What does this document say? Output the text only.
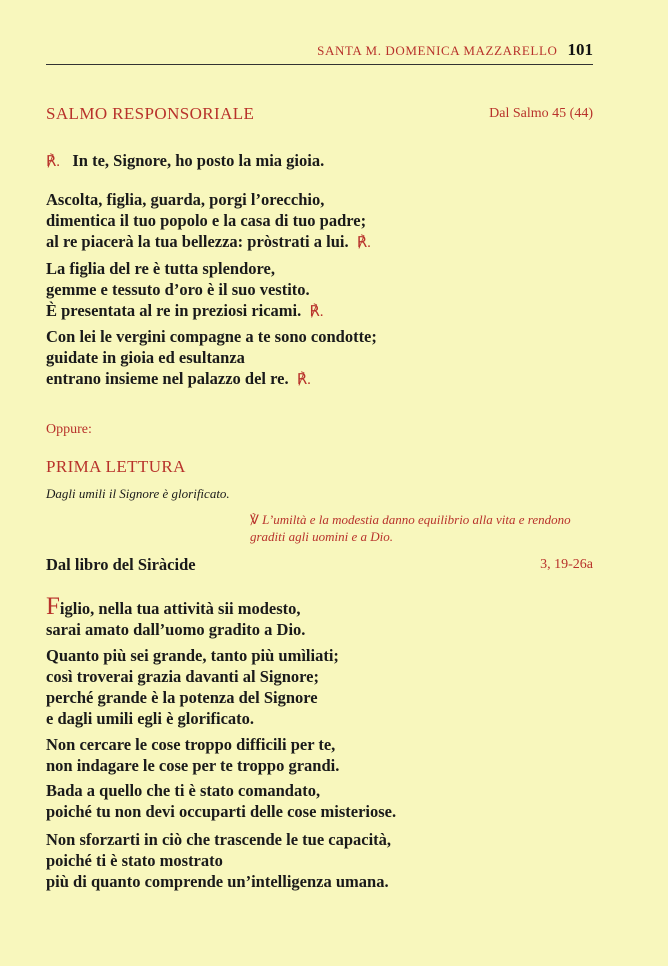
SANTA M. DOMENICA MAZZARELLO 101
SALMO RESPONSORIALE	Dal Salmo 45 (44)
℟. In te, Signore, ho posto la mia gioia.
Ascolta, figlia, guarda, porgi l’orecchio,
dimentica il tuo popolo e la casa di tuo padre;
al re piacerà la tua bellezza: pròstrati a lui. ℟.
La figlia del re è tutta splendore,
gemme e tessuto d’oro è il suo vestito.
È presentata al re in preziosi ricami. ℟.
Con lei le vergini compagne a te sono condotte;
guidate in gioia ed esultanza
entrano insieme nel palazzo del re. ℟.
Oppure:
PRIMA LETTURA
Dagli umili il Signore è glorificato.
℣ L’umiltà e la modestia danno equilibrio alla vita e rendono
graditi agli uomini e a Dio.
Dal libro del Siràcide	3, 19-26a
Figlio, nella tua attività sii modesto,
sarai amato dall’uomo gradito a Dio.
Quanto più sei grande, tanto più umìliati;
così troverai grazia davanti al Signore;
perché grande è la potenza del Signore
e dagli umili egli è glorificato.
Non cercare le cose troppo difficili per te,
non indagare le cose per te troppo grandi.
Bada a quello che ti è stato comandato,
poiché tu non devi occuparti delle cose misteriose.
Non sforzarti in ciò che trascende le tue capacità,
poiché ti è stato mostrato
più di quanto comprende un’intelligenza umana.
